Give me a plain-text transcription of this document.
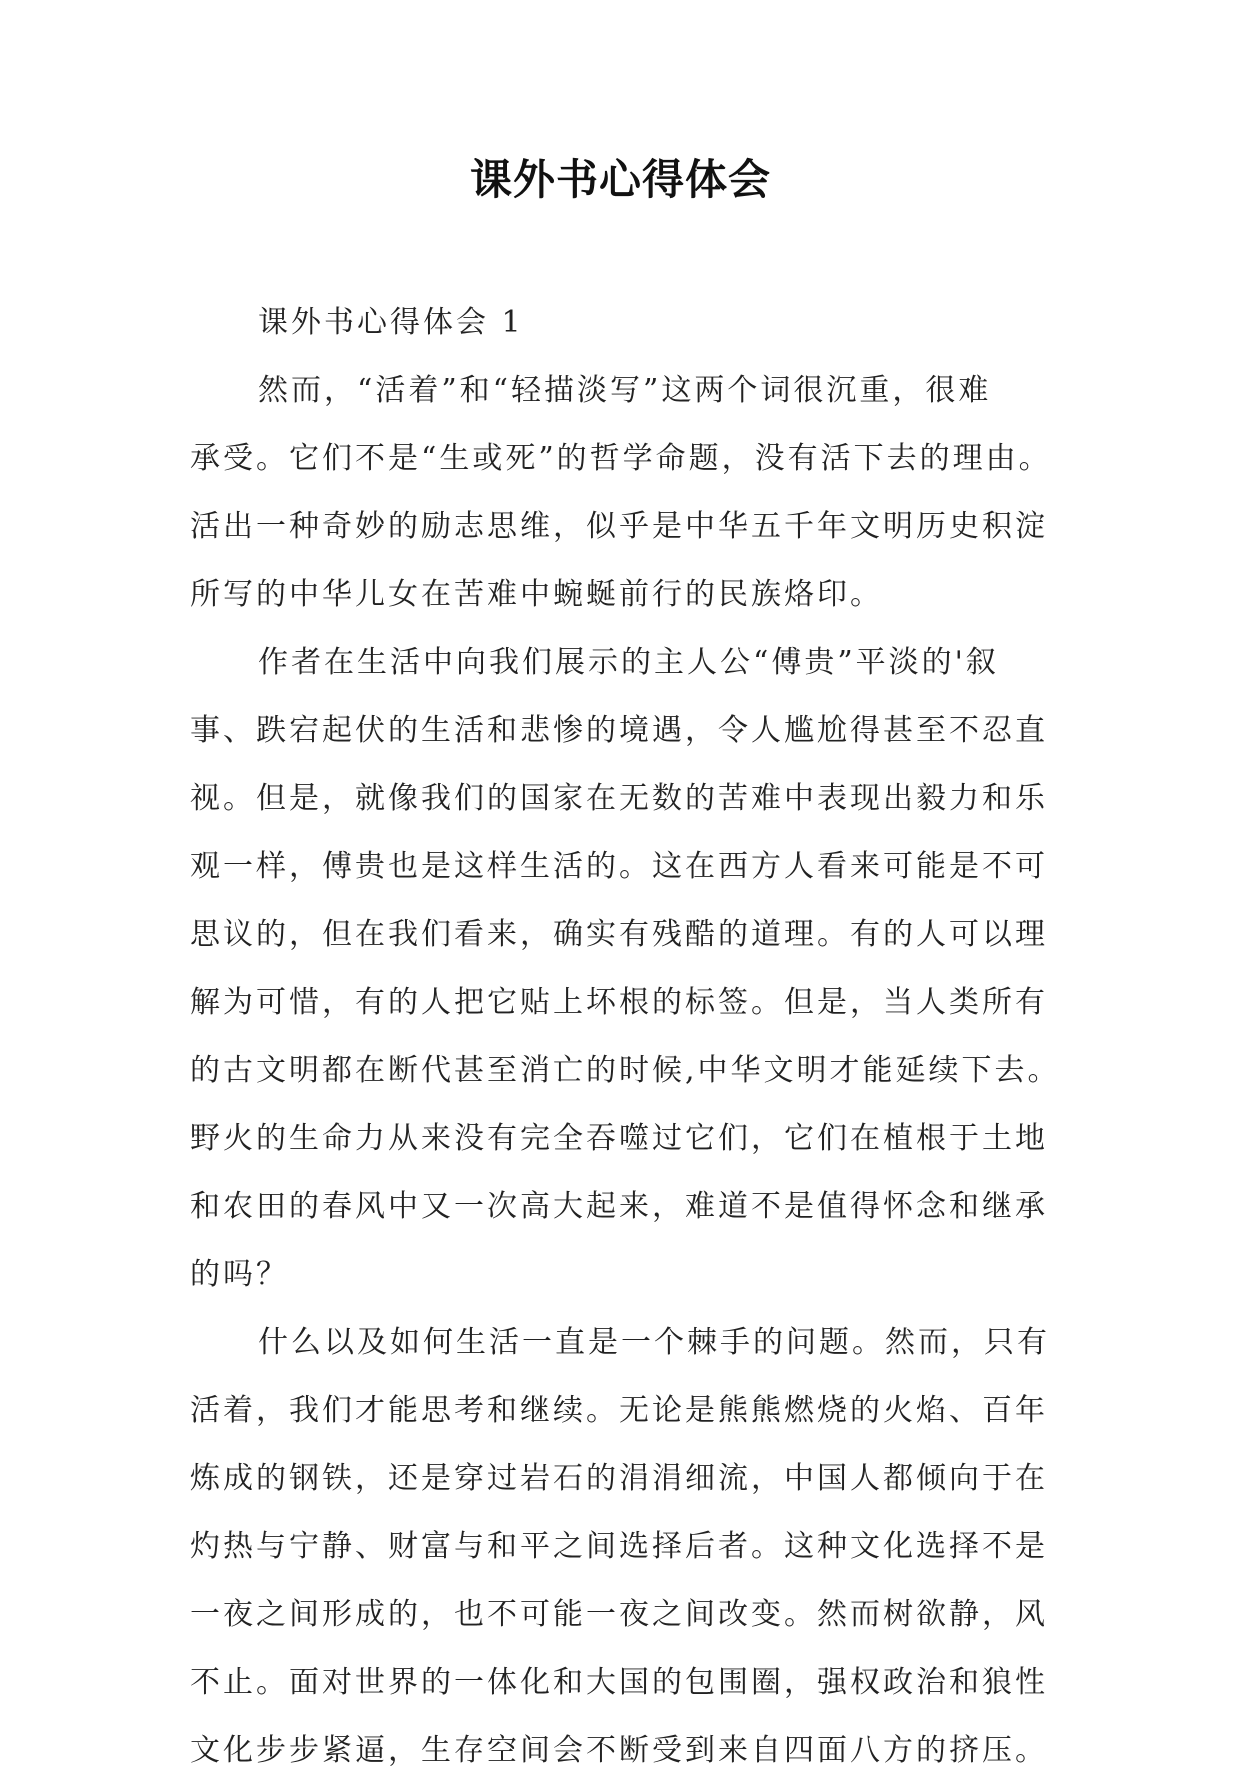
课外书心得体会
课外书心得体会 1
然而，“活着”和“轻描淡写”这两个词很沉重，很难
承受。它们不是“生或死”的哲学命题，没有活下去的理由。
活出一种奇妙的励志思维，似乎是中华五千年文明历史积淀
所写的中华儿女在苦难中蜿蜒前行的民族烙印。
作者在生活中向我们展示的主人公“傅贵”平淡的'叙
事、跌宕起伏的生活和悲惨的境遇，令人尴尬得甚至不忍直
视。但是，就像我们的国家在无数的苦难中表现出毅力和乐
观一样，傅贵也是这样生活的。这在西方人看来可能是不可
思议的，但在我们看来，确实有残酷的道理。有的人可以理
解为可惜，有的人把它贴上坏根的标签。但是，当人类所有
的古文明都在断代甚至消亡的时候,中华文明才能延续下去。
野火的生命力从来没有完全吞噬过它们，它们在植根于土地
和农田的春风中又一次高大起来，难道不是值得怀念和继承
的吗？
什么以及如何生活一直是一个棘手的问题。然而，只有
活着，我们才能思考和继续。无论是熊熊燃烧的火焰、百年
炼成的钢铁，还是穿过岩石的涓涓细流，中国人都倾向于在
灼热与宁静、财富与和平之间选择后者。这种文化选择不是
一夜之间形成的，也不可能一夜之间改变。然而树欲静，风
不止。面对世界的一体化和大国的包围圈，强权政治和狼性
文化步步紧逼，生存空间会不断受到来自四面八方的挤压。
